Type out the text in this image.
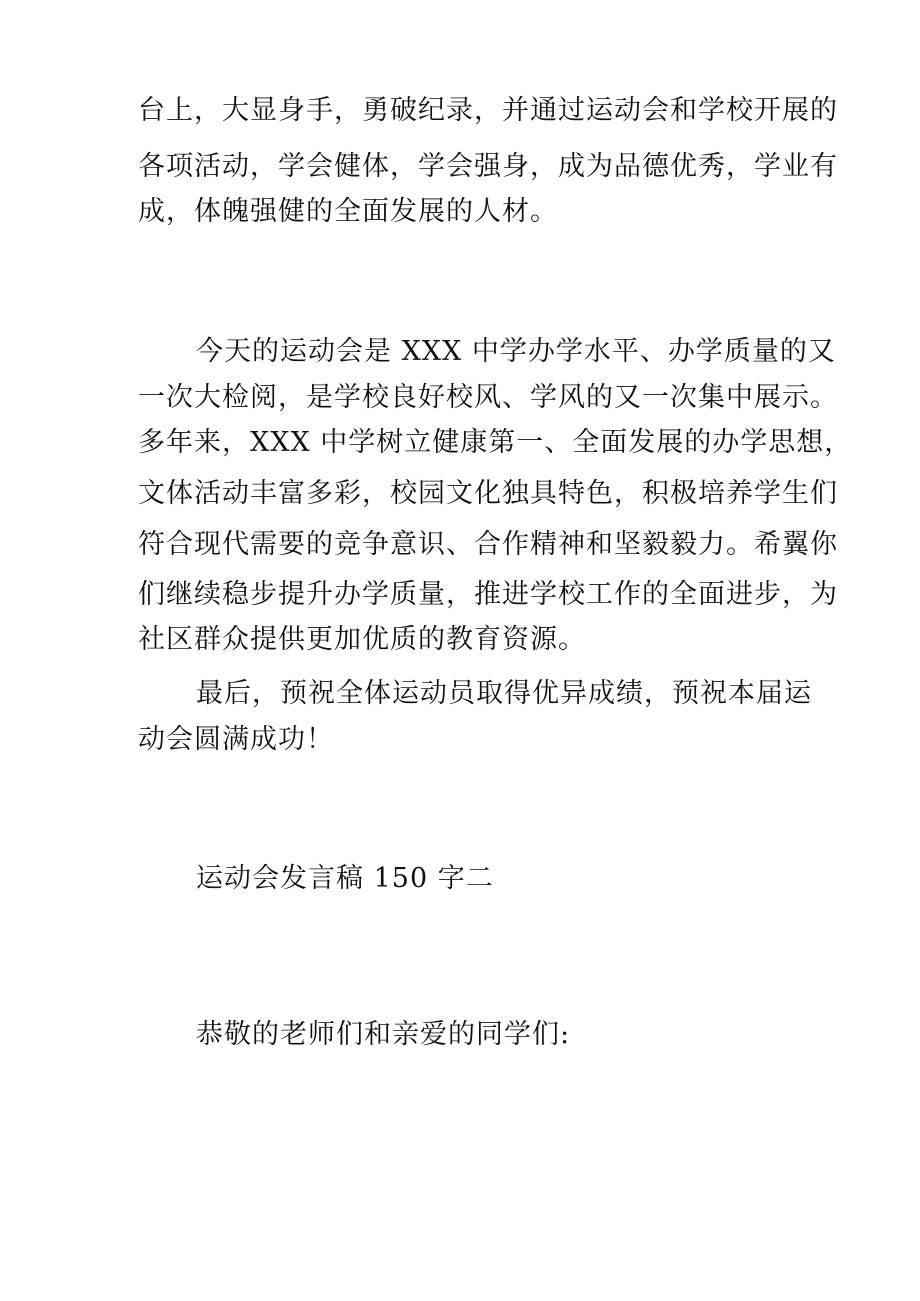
台上，大显身手，勇破纪录，并通过运动会和学校开展的
各项活动，学会健体，学会强身，成为品德优秀，学业有
成，体魄强健的全面发展的人材。
今天的运动会是 XXX 中学办学水平、办学质量的又
一次大检阅，是学校良好校风、学风的又一次集中展示。
多年来，XXX 中学树立健康第一、全面发展的办学思想，
文体活动丰富多彩，校园文化独具特色，积极培养学生们
符合现代需要的竞争意识、合作精神和坚毅毅力。希翼你
们继续稳步提升办学质量，推进学校工作的全面进步，为
社区群众提供更加优质的教育资源。
最后，预祝全体运动员取得优异成绩，预祝本届运
动会圆满成功！
运动会发言稿 150 字二
恭敬的老师们和亲爱的同学们:
